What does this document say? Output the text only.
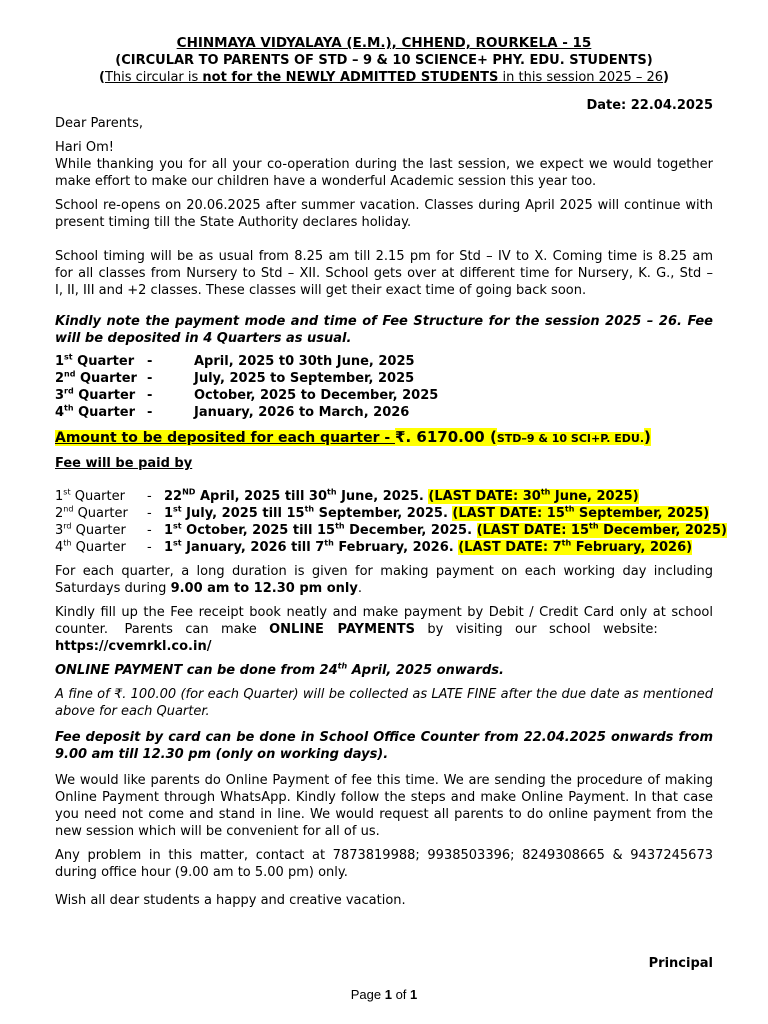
CHINMAYA VIDYALAYA (E.M.), CHHEND, ROURKELA - 15
(CIRCULAR TO PARENTS OF STD – 9 & 10 SCIENCE+ PHY. EDU. STUDENTS)
(This circular is not for the NEWLY ADMITTED STUDENTS in this session 2025 – 26)
Date: 22.04.2025
Dear Parents,
Hari Om!
While thanking you for all your co-operation during the last session, we expect we would together
make effort to make our children have a wonderful Academic session this year too.
School re-opens on 20.06.2025 after summer vacation. Classes during April 2025 will continue with
present timing till the State Authority declares holiday.
School timing will be as usual from 8.25 am till 2.15 pm for Std – IV to X. Coming time is 8.25 am
for all classes from Nursery to Std – XII. School gets over at different time for Nursery, K. G., Std –
I, II, III and +2 classes. These classes will get their exact time of going back soon.
Kindly note the payment mode and time of Fee Structure for the session 2025 – 26. Fee
will be deposited in 4 Quarters as usual.
1st Quarter -	April, 2025 t0 30th June, 2025
2nd Quarter -	July, 2025 to September, 2025
3rd Quarter -	October, 2025 to December, 2025
4th Quarter -	January, 2026 to March, 2026
Amount to be deposited for each quarter - ₹. 6170.00 (STD–9 & 10 SCI+P. EDU.)
Fee will be paid by
1st Quarter - 22ND April, 2025 till 30th June, 2025. (LAST DATE: 30th June, 2025)
2nd Quarter - 1st July, 2025 till 15th September, 2025. (LAST DATE: 15th September, 2025)
3rd Quarter - 1st October, 2025 till 15th December, 2025. (LAST DATE: 15th December, 2025)
4th Quarter - 1st January, 2026 till 7th February, 2026. (LAST DATE: 7th February, 2026)
For each quarter, a long duration is given for making payment on each working day including
Saturdays during 9.00 am to 12.30 pm only.
Kindly fill up the Fee receipt book neatly and make payment by Debit / Credit Card only at school
counter.    Parents   can   make   ONLINE   PAYMENTS   by   visiting   our   school   website:
https://cvemrkl.co.in/
ONLINE PAYMENT can be done from 24th April, 2025 onwards.
A fine of ₹. 100.00 (for each Quarter) will be collected as LATE FINE after the due date as mentioned
above for each Quarter.
Fee deposit by card can be done in School Office Counter from 22.04.2025 onwards from
9.00 am till 12.30 pm (only on working days).
We would like parents do Online Payment of fee this time. We are sending the procedure of making
Online Payment through WhatsApp. Kindly follow the steps and make Online Payment. In that case
you need not come and stand in line. We would request all parents to do online payment from the
new session which will be convenient for all of us.
Any problem in this matter, contact at 7873819988; 9938503396; 8249308665 & 9437245673
during office hour (9.00 am to 5.00 pm) only.
Wish all dear students a happy and creative vacation.
Principal
Page 1 of 1
